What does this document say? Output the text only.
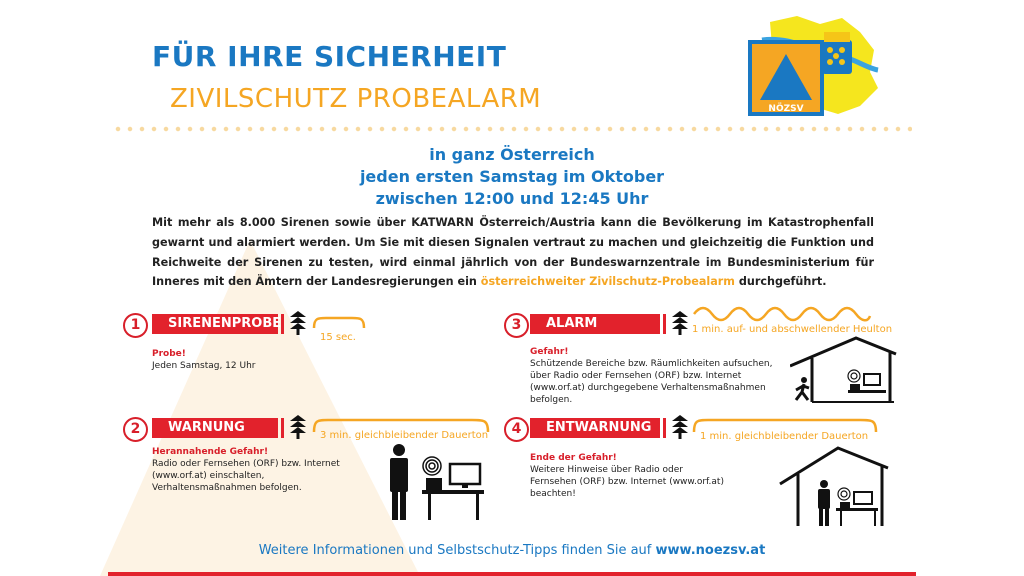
FÜR IHRE SICHERHEIT
ZIVILSCHUTZ PROBEALARM	NÖZSV
in ganz Österreich
jeden ersten Samstag im Oktober
zwischen 12:00 und 12:45 Uhr
Mit mehr als 8.000 Sirenen sowie über KATWARN Österreich/Austria kann die Bevölkerung im Katastrophenfall gewarnt und alarmiert werden. Um Sie mit diesen Signalen vertraut zu machen und gleichzeitig die Funktion und Reichweite der Sirenen zu testen, wird einmal jährlich von der Bundeswarnzentrale im Bundesministerium für Inneres mit den Ämtern der Landesregierungen ein österreichweiter Zivilschutz-Probealarm durchgeführt.
1	SIRENENPROBE
15 sec.
Probe!
Jeden Samstag, 12 Uhr
2	WARNUNG
3 min. gleichbleibender Dauerton
Herannahende Gefahr!
Radio oder Fernsehen (ORF) bzw. Internet (www.orf.at) einschalten, Verhaltensmaßnahmen befolgen.
3	ALARM	1 min. auf- und abschwellender Heulton
Gefahr!
Schützende Bereiche bzw. Räumlichkeiten aufsuchen, über Radio oder Fernsehen (ORF) bzw. Internet (www.orf.at) durchgegebene Verhaltensmaßnahmen befolgen.
4	ENTWARNUNG
1 min. gleichbleibender Dauerton
Ende der Gefahr!
Weitere Hinweise über Radio oder Fernsehen (ORF) bzw. Internet (www.orf.at) beachten!
Weitere Informationen und Selbstschutz-Tipps finden Sie auf www.noezsv.at
